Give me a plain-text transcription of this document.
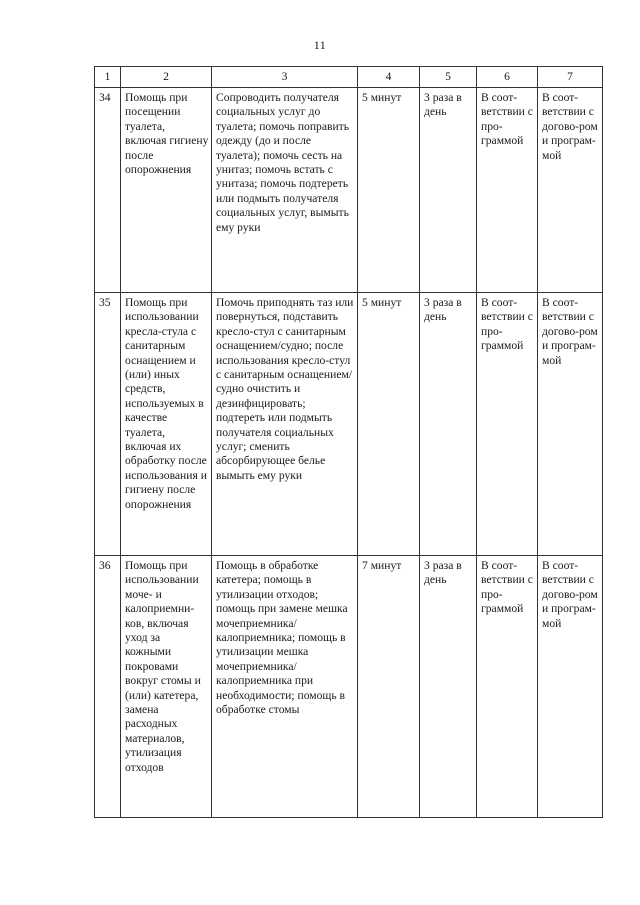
11
1	2	3	4	5	6	7
34	Помощь при посещении туалета, включая гигиену после опорожнения	Сопроводить получателя социальных услуг до туалета; помочь поправить одежду (до и после туалета); помочь сесть на унитаз; помочь встать с унитаза; помочь подтереть или подмыть получателя социальных услуг, вымыть ему руки	5 минут	3 раза в день	В соот-ветствии с про-граммой	В соот-ветствии с догово-ром и програм-мой
35	Помощь при использовании кресла-стула с санитарным оснащением и (или) иных средств, используемых в качестве туалета, включая их обработку после использования и гигиену после опорожнения	Помочь приподнять таз или повернуться, подставить кресло-стул с санитарным оснащением/судно; после использования кресло-стул с санитарным оснащением/судно очистить и дезинфицировать; подтереть или подмыть получателя социальных услуг; сменить абсорбирующее белье вымыть ему руки	5 минут	3 раза в день	В соот-ветствии с про-граммой	В соот-ветствии с догово-ром и програм-мой
36	Помощь при использовании моче- и калоприемни-ков, включая уход за кожными покровами вокруг стомы и (или) катетера, замена расходных материалов, утилизация отходов	Помощь в обработке катетера; помощь в утилизации отходов; помощь при замене мешка мочеприемника/ калоприемника; помощь в утилизации мешка мочеприемника/ калоприемника при необходимости; помощь в обработке стомы	7 минут	3 раза в день	В соот-ветствии с про-граммой	В соот-ветствии с догово-ром и програм-мой
